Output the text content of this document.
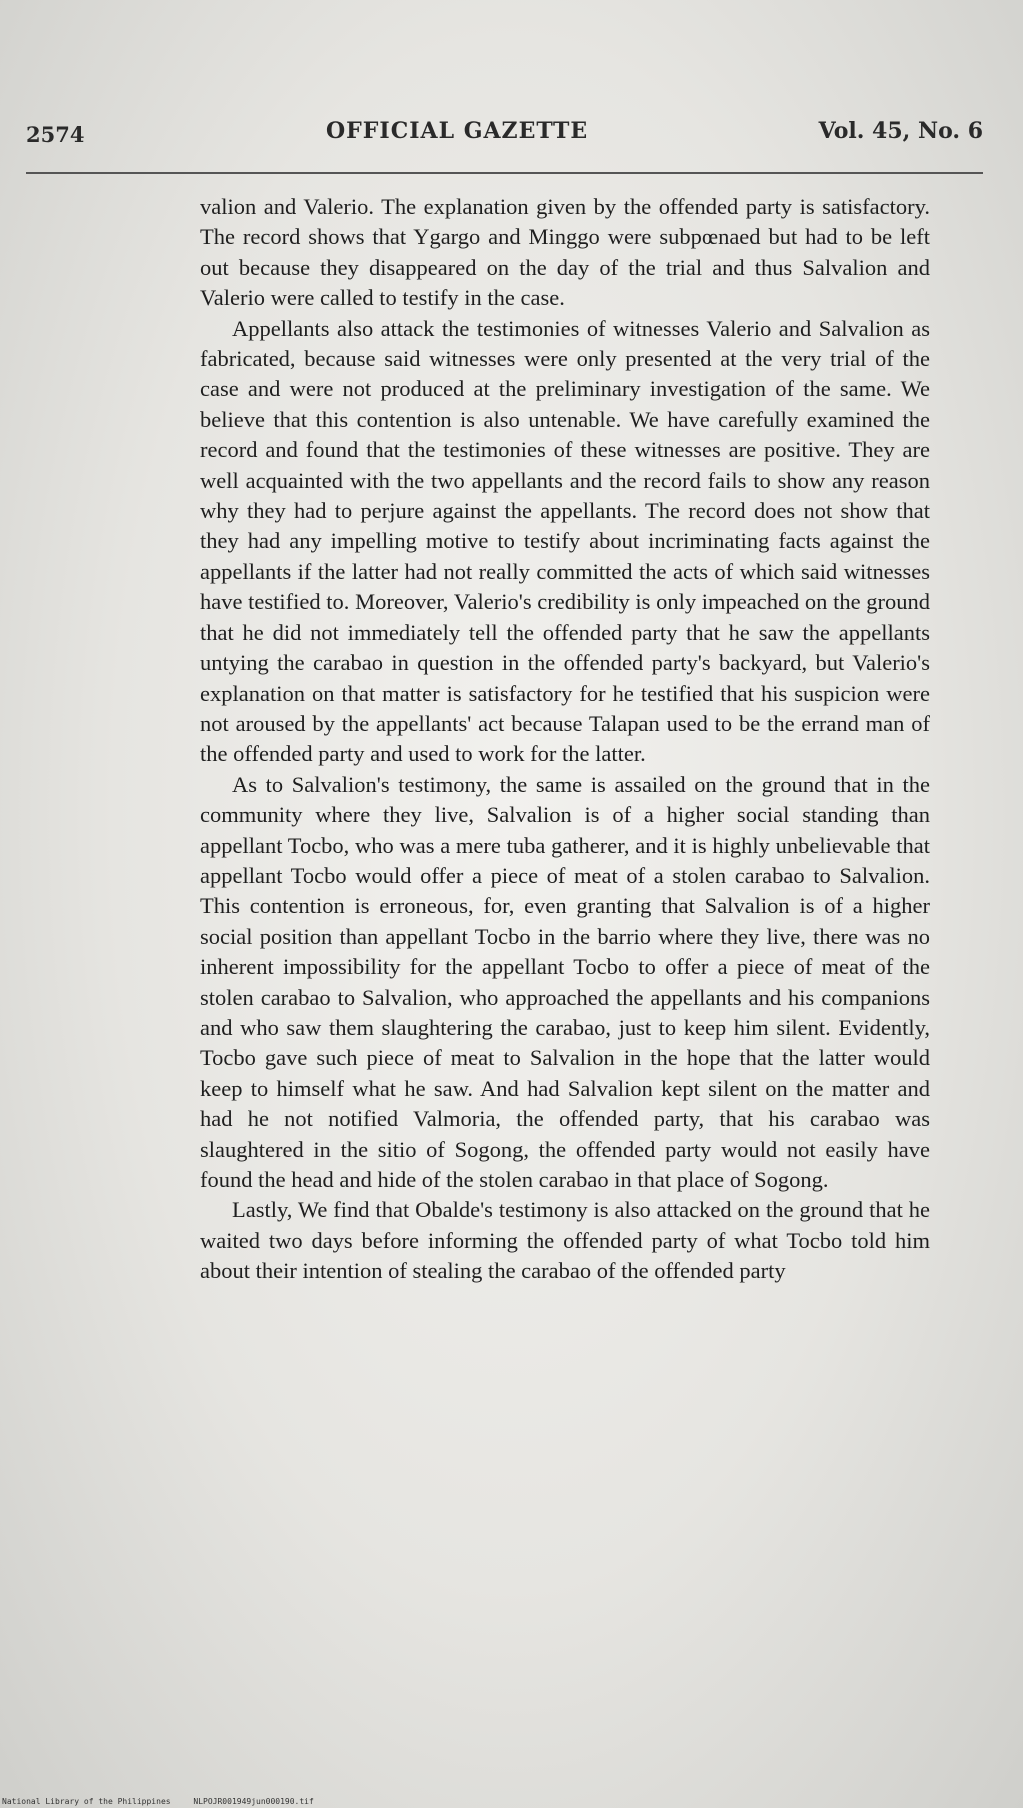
2574	OFFICIAL GAZETTE	Vol. 45, No. 6

valion and Valerio. The explanation given by the offended party is satisfactory. The record shows that Ygargo and Minggo were subpœnaed but had to be left out because they disappeared on the day of the trial and thus Salvalion and Valerio were called to testify in the case.

Appellants also attack the testimonies of witnesses Valerio and Salvalion as fabricated, because said witnesses were only presented at the very trial of the case and were not produced at the preliminary investigation of the same. We believe that this contention is also untenable. We have carefully examined the record and found that the testimonies of these witnesses are positive. They are well acquainted with the two appellants and the record fails to show any reason why they had to perjure against the appellants. The record does not show that they had any impelling motive to testify about incriminating facts against the appellants if the latter had not really committed the acts of which said witnesses have testified to. Moreover, Valerio's credibility is only impeached on the ground that he did not immediately tell the offended party that he saw the appellants untying the carabao in question in the offended party's backyard, but Valerio's explanation on that matter is satisfactory for he testified that his suspicion were not aroused by the appellants' act because Talapan used to be the errand man of the offended party and used to work for the latter.

As to Salvalion's testimony, the same is assailed on the ground that in the community where they live, Salvalion is of a higher social standing than appellant Tocbo, who was a mere tuba gatherer, and it is highly unbelievable that appellant Tocbo would offer a piece of meat of a stolen carabao to Salvalion. This contention is erroneous, for, even granting that Salvalion is of a higher social position than appellant Tocbo in the barrio where they live, there was no inherent impossibility for the appellant Tocbo to offer a piece of meat of the stolen carabao to Salvalion, who approached the appellants and his companions and who saw them slaughtering the carabao, just to keep him silent. Evidently, Tocbo gave such piece of meat to Salvalion in the hope that the latter would keep to himself what he saw. And had Salvalion kept silent on the matter and had he not notified Valmoria, the offended party, that his carabao was slaughtered in the sitio of Sogong, the offended party would not easily have found the head and hide of the stolen carabao in that place of Sogong.

Lastly, We find that Obalde's testimony is also attacked on the ground that he waited two days before informing the offended party of what Tocbo told him about their intention of stealing the carabao of the offended party

National Library of the Philippines	NLPOJR001949jun000190.tif
